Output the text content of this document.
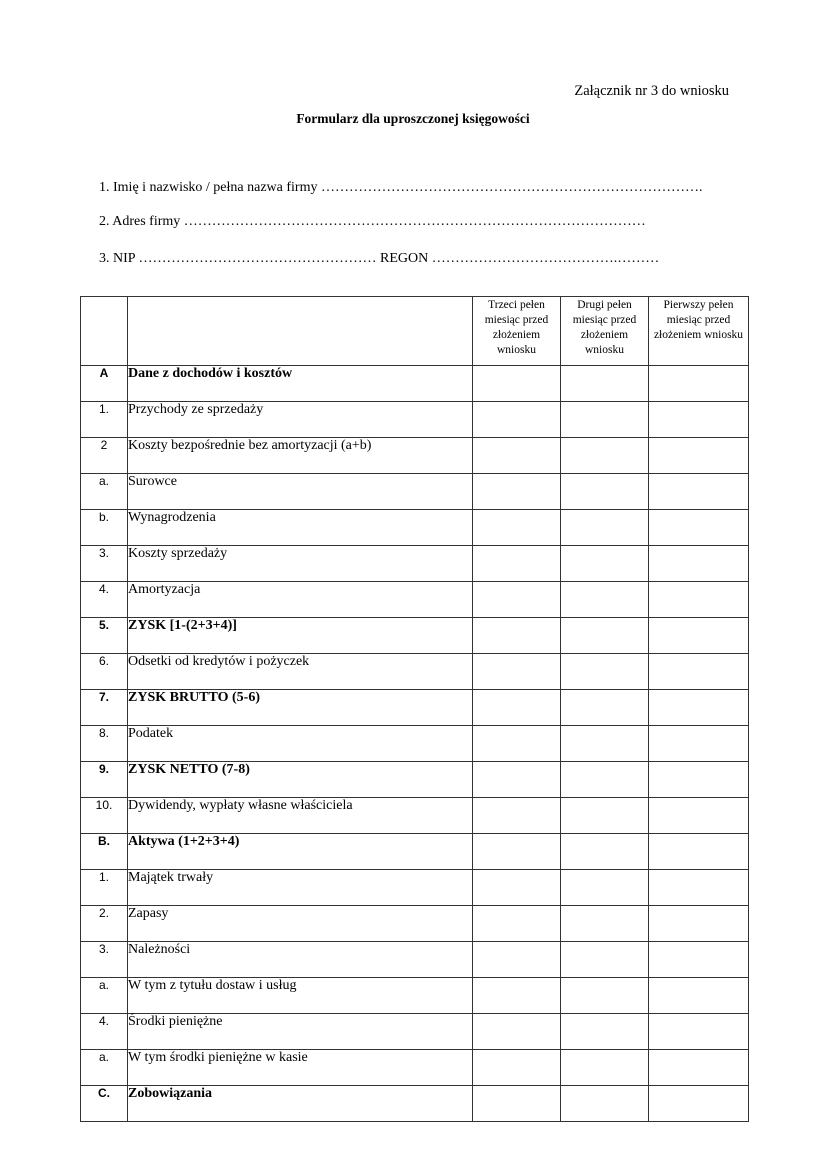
Załącznik nr 3 do wniosku
Formularz dla uproszczonej księgowości
1. Imię i nazwisko / pełna nazwa firmy ……………………………………………………………………….
2. Adres firmy ………………………………………………………………………………………
3. NIP …………………………………………… REGON ………………………………….………
		Trzeci pełen miesiąc przed złożeniem wniosku	Drugi pełen miesiąc przed złożeniem wniosku	Pierwszy pełen miesiąc przed złożeniem wniosku
A	Dane z dochodów i kosztów			
1.	Przychody ze sprzedaży			
2	Koszty bezpośrednie bez amortyzacji (a+b)			
a.	Surowce			
b.	Wynagrodzenia			
3.	Koszty sprzedaży			
4.	Amortyzacja			
5.	ZYSK [1-(2+3+4)]			
6.	Odsetki od kredytów i pożyczek			
7.	ZYSK BRUTTO (5-6)			
8.	Podatek			
9.	ZYSK NETTO (7-8)			
10.	Dywidendy, wypłaty własne właściciela			
B.	Aktywa (1+2+3+4)			
1.	Majątek trwały			
2.	Zapasy			
3.	Należności			
a.	W tym z tytułu dostaw i usług			
4.	Środki pieniężne			
a.	W tym środki pieniężne w kasie			
C.	Zobowiązania			
